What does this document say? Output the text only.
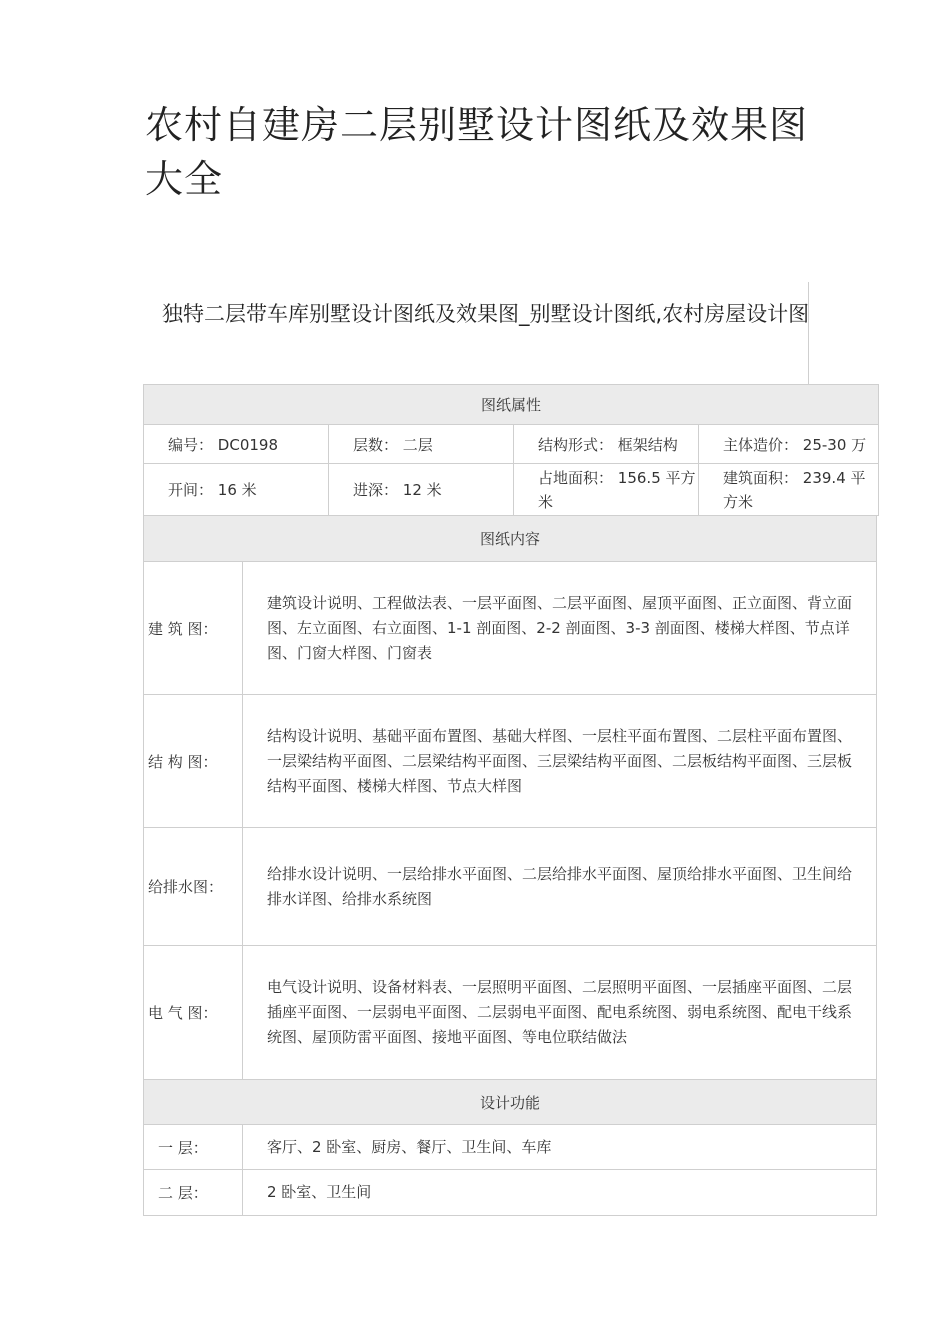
农村自建房二层别墅设计图纸及效果图大全
独特二层带车库别墅设计图纸及效果图_别墅设计图纸,农村房屋设计图
图纸属性			
编号： DC0198	层数： 二层	结构形式： 框架结构	主体造价： 25-30 万
开间： 16 米	进深： 12 米	占地面积： 156.5 平方米	建筑面积： 239.4 平方米
图纸内容	
建 筑 图：	建筑设计说明、工程做法表、一层平面图、二层平面图、屋顶平面图、正立面图、背立面图、左立面图、右立面图、1-1 剖面图、2-2 剖面图、3-3 剖面图、楼梯大样图、节点详图、门窗大样图、门窗表
结 构 图：	结构设计说明、基础平面布置图、基础大样图、一层柱平面布置图、二层柱平面布置图、一层梁结构平面图、二层梁结构平面图、三层梁结构平面图、二层板结构平面图、三层板结构平面图、楼梯大样图、节点大样图
给排水图：	给排水设计说明、一层给排水平面图、二层给排水平面图、屋顶给排水平面图、卫生间给排水详图、给排水系统图
电 气 图：	电气设计说明、设备材料表、一层照明平面图、二层照明平面图、一层插座平面图、二层插座平面图、一层弱电平面图、二层弱电平面图、配电系统图、弱电系统图、配电干线系统图、屋顶防雷平面图、接地平面图、等电位联结做法
设计功能	
一 层：	客厅、2 卧室、厨房、餐厅、卫生间、车库
二 层：	2 卧室、卫生间
